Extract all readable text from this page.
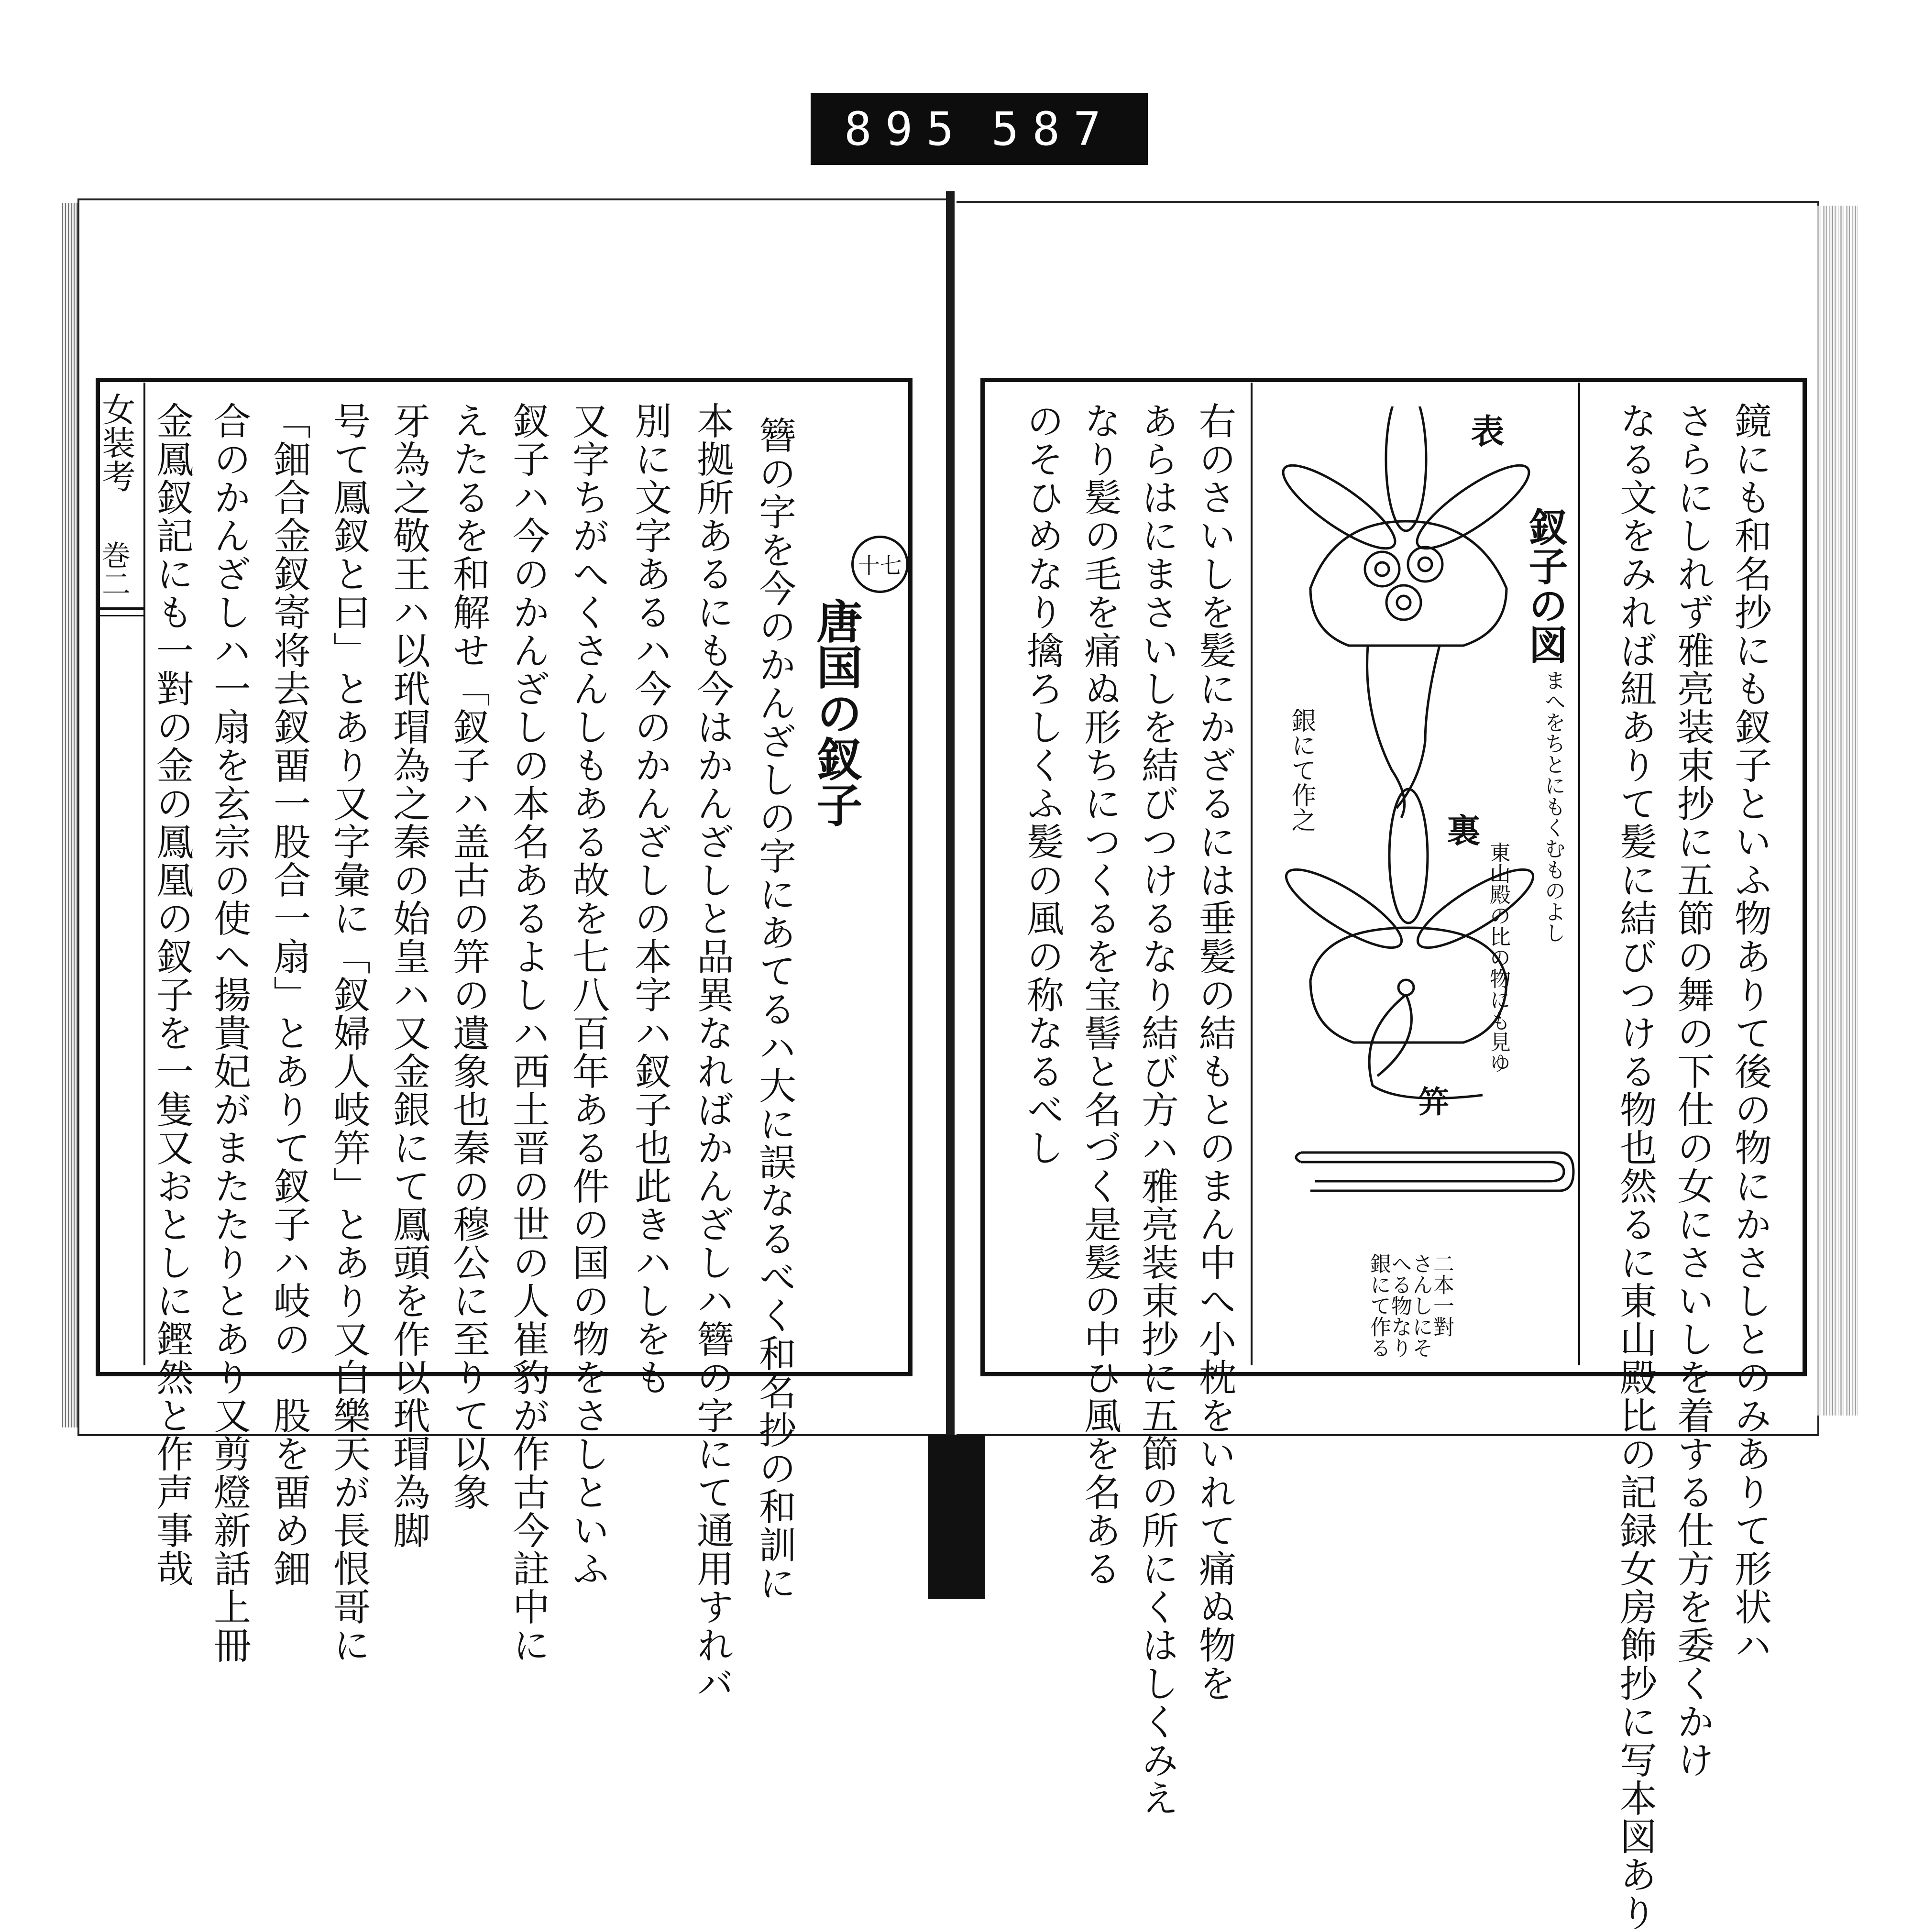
895 587
女装考
巻二	十七
唐国の釵子
簪の字を今のかんざしの字にあてるハ大に誤なるべく和名抄の和訓に
本拠所あるにも今はかんざしと品異なればかんざしハ簪の字にて通用すれバ
別に文字あるハ今のかんざしの本字ハ釵子也此きハしをも
又字ちがへくさんしもある故を七八百年ある件の国の物をさしといふ
釵子ハ今のかんざしの本名あるよしハ西土晋の世の人崔豹が作古今註中に
えたるを和解せ「釵子ハ盖古の笄の遺象也秦の穆公に至りて以象
牙為之敬王ハ以玳瑁為之秦の始皇ハ又金銀にて鳳頭を作以玳瑁為脚
号て鳳釵と曰」とあり又字彙に「釵婦人岐笄」とあり又白樂天が長恨哥に
「鈿合金釵寄将去釵畱一股合一扇」とありて釵子ハ岐の一股を畱め鈿
合のかんざしハ一扇を玄宗の使へ揚貴妃がまたたりとあり又剪燈新話上冊
金鳳釵記にも一對の金の鳳凰の釵子を一隻又おとしに鏗然と作声事哉	鏡にも和名抄にも釵子といふ物ありて後の物にかさしとのみありて形状ハ
さらにしれず雅亮装束抄に五節の舞の下仕の女にさいしを着する仕方を委くかけ
なる文をみれば紐ありて髪に結びつける物也然るに東山殿比の記録女房飾抄に写本図あり
右のさいしを髪にかざるには垂髪の結もとのまん中へ小枕をいれて痛ぬ物を
あらはにまさいしを結びつけるなり結び方ハ雅亮装束抄に五節の所にくはしくみえ
なり髪の毛を痛ぬ形ちにつくるを宝髻と名づく是髪の中ひ風を名ある
のそひめなり擒ろしくふ髪の風の称なるべし	釵子の図
まへをちとにもくむものよし
表
裏
笄
銀にて作之
東山殿の比の物にも見ゆ
二本一對 さんしにそへる物なり 銀にて作る
